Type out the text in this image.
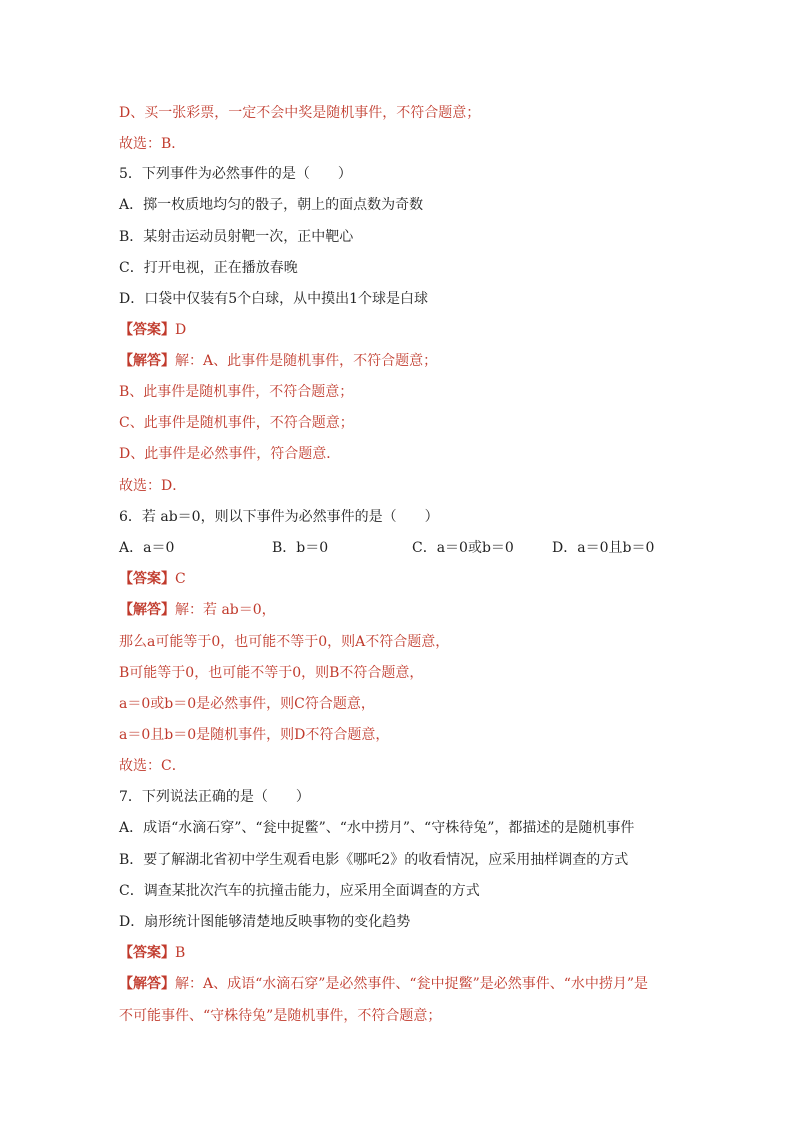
D、买一张彩票，一定不会中奖是随机事件，不符合题意；
故选：B．
5．下列事件为必然事件的是（　　）
A．掷一枚质地均匀的骰子，朝上的面点数为奇数
B．某射击运动员射靶一次，正中靶心
C．打开电视，正在播放春晚
D．口袋中仅装有5个白球，从中摸出1个球是白球
【答案】D
【解答】解：A、此事件是随机事件，不符合题意；
B、此事件是随机事件，不符合题意；
C、此事件是随机事件，不符合题意；
D、此事件是必然事件，符合题意．
故选：D．
6．若 ab＝0，则以下事件为必然事件的是（　　）
A．a＝0	B．b＝0	C．a＝0或b＝0	D．a＝0且b＝0
【答案】C
【解答】解：若 ab＝0，
那么a可能等于0，也可能不等于0，则A不符合题意，
B可能等于0，也可能不等于0，则B不符合题意，
a＝0或b＝0是必然事件，则C符合题意，
a＝0且b＝0是随机事件，则D不符合题意，
故选：C．
7．下列说法正确的是（　　）
A．成语“水滴石穿”、“瓮中捉鳖”、“水中捞月”、“守株待兔”，都描述的是随机事件
B．要了解湖北省初中学生观看电影《哪吒2》的收看情况，应采用抽样调查的方式
C．调查某批次汽车的抗撞击能力，应采用全面调查的方式
D．扇形统计图能够清楚地反映事物的变化趋势
【答案】B
【解答】解：A、成语“水滴石穿”是必然事件、“瓮中捉鳖”是必然事件、“水中捞月”是
不可能事件、“守株待兔”是随机事件，不符合题意；
